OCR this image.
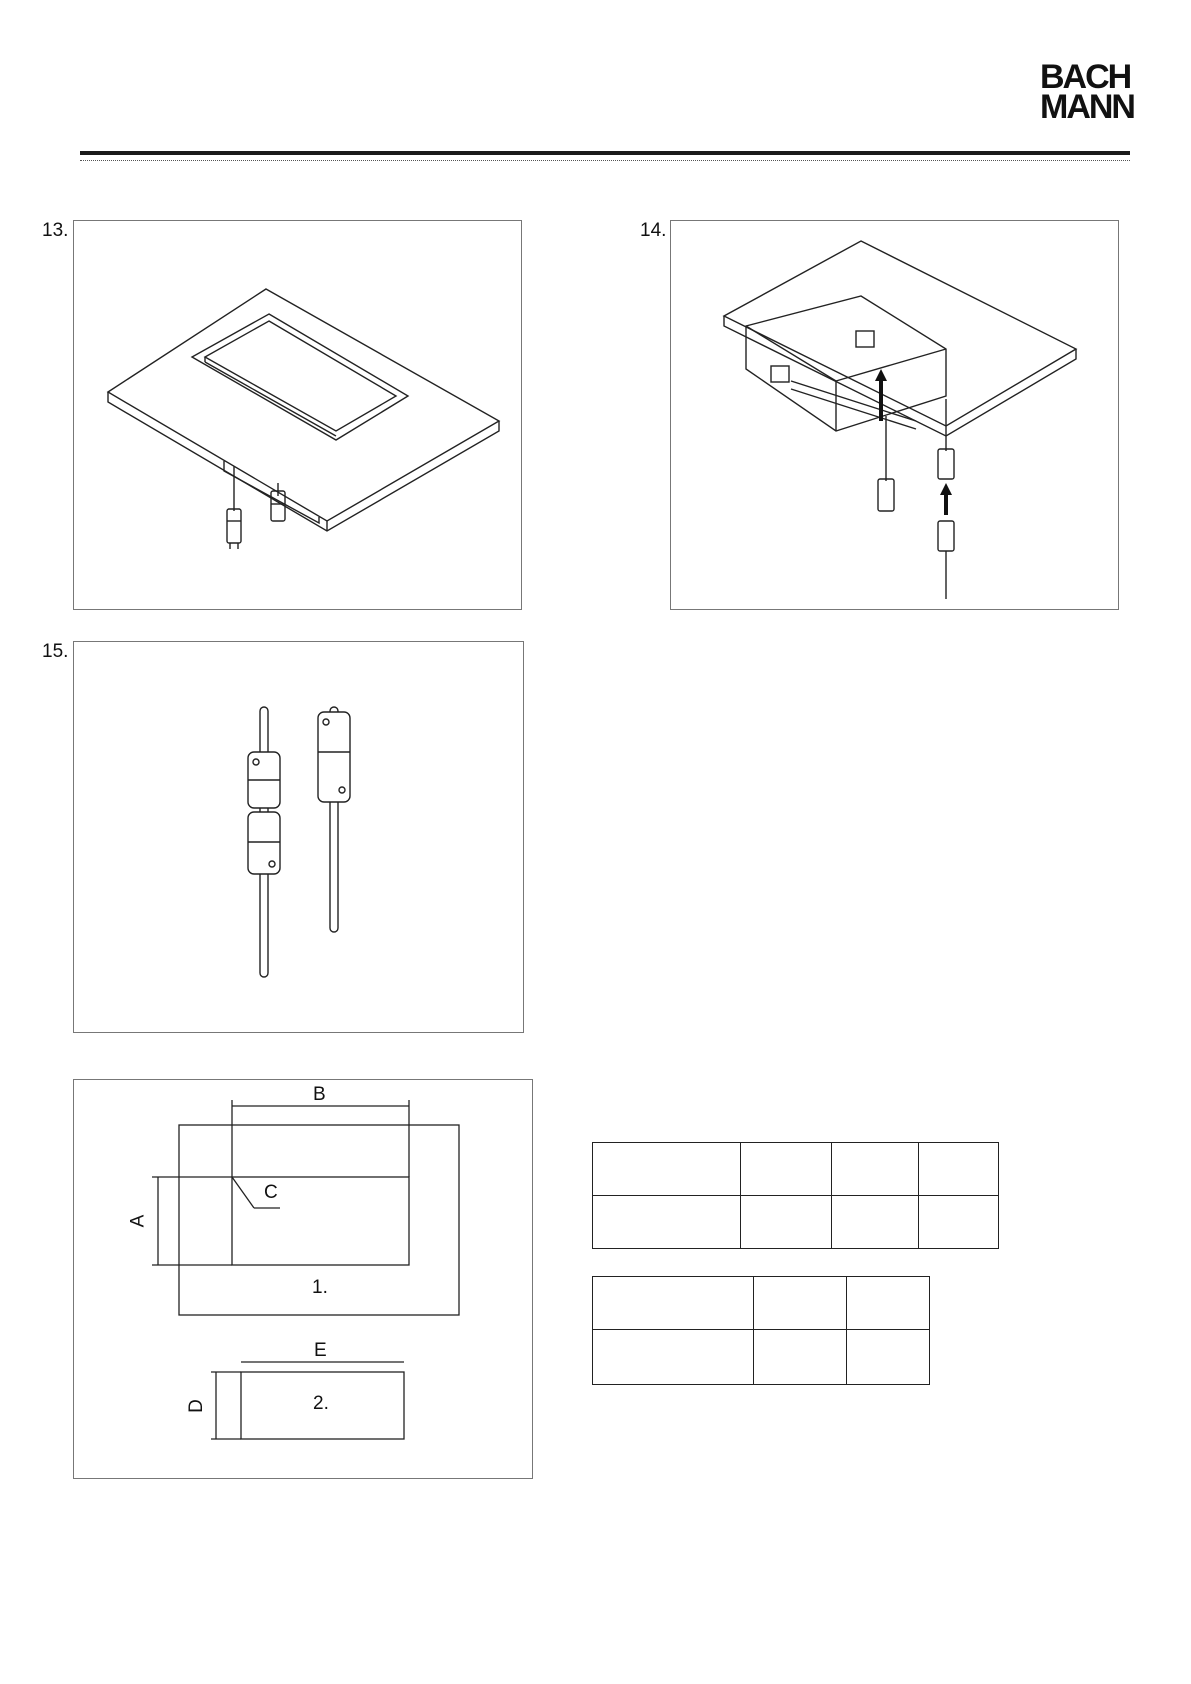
BACH
MANN
13.	14.
15.
B
A
C
1.
E
D	2.
